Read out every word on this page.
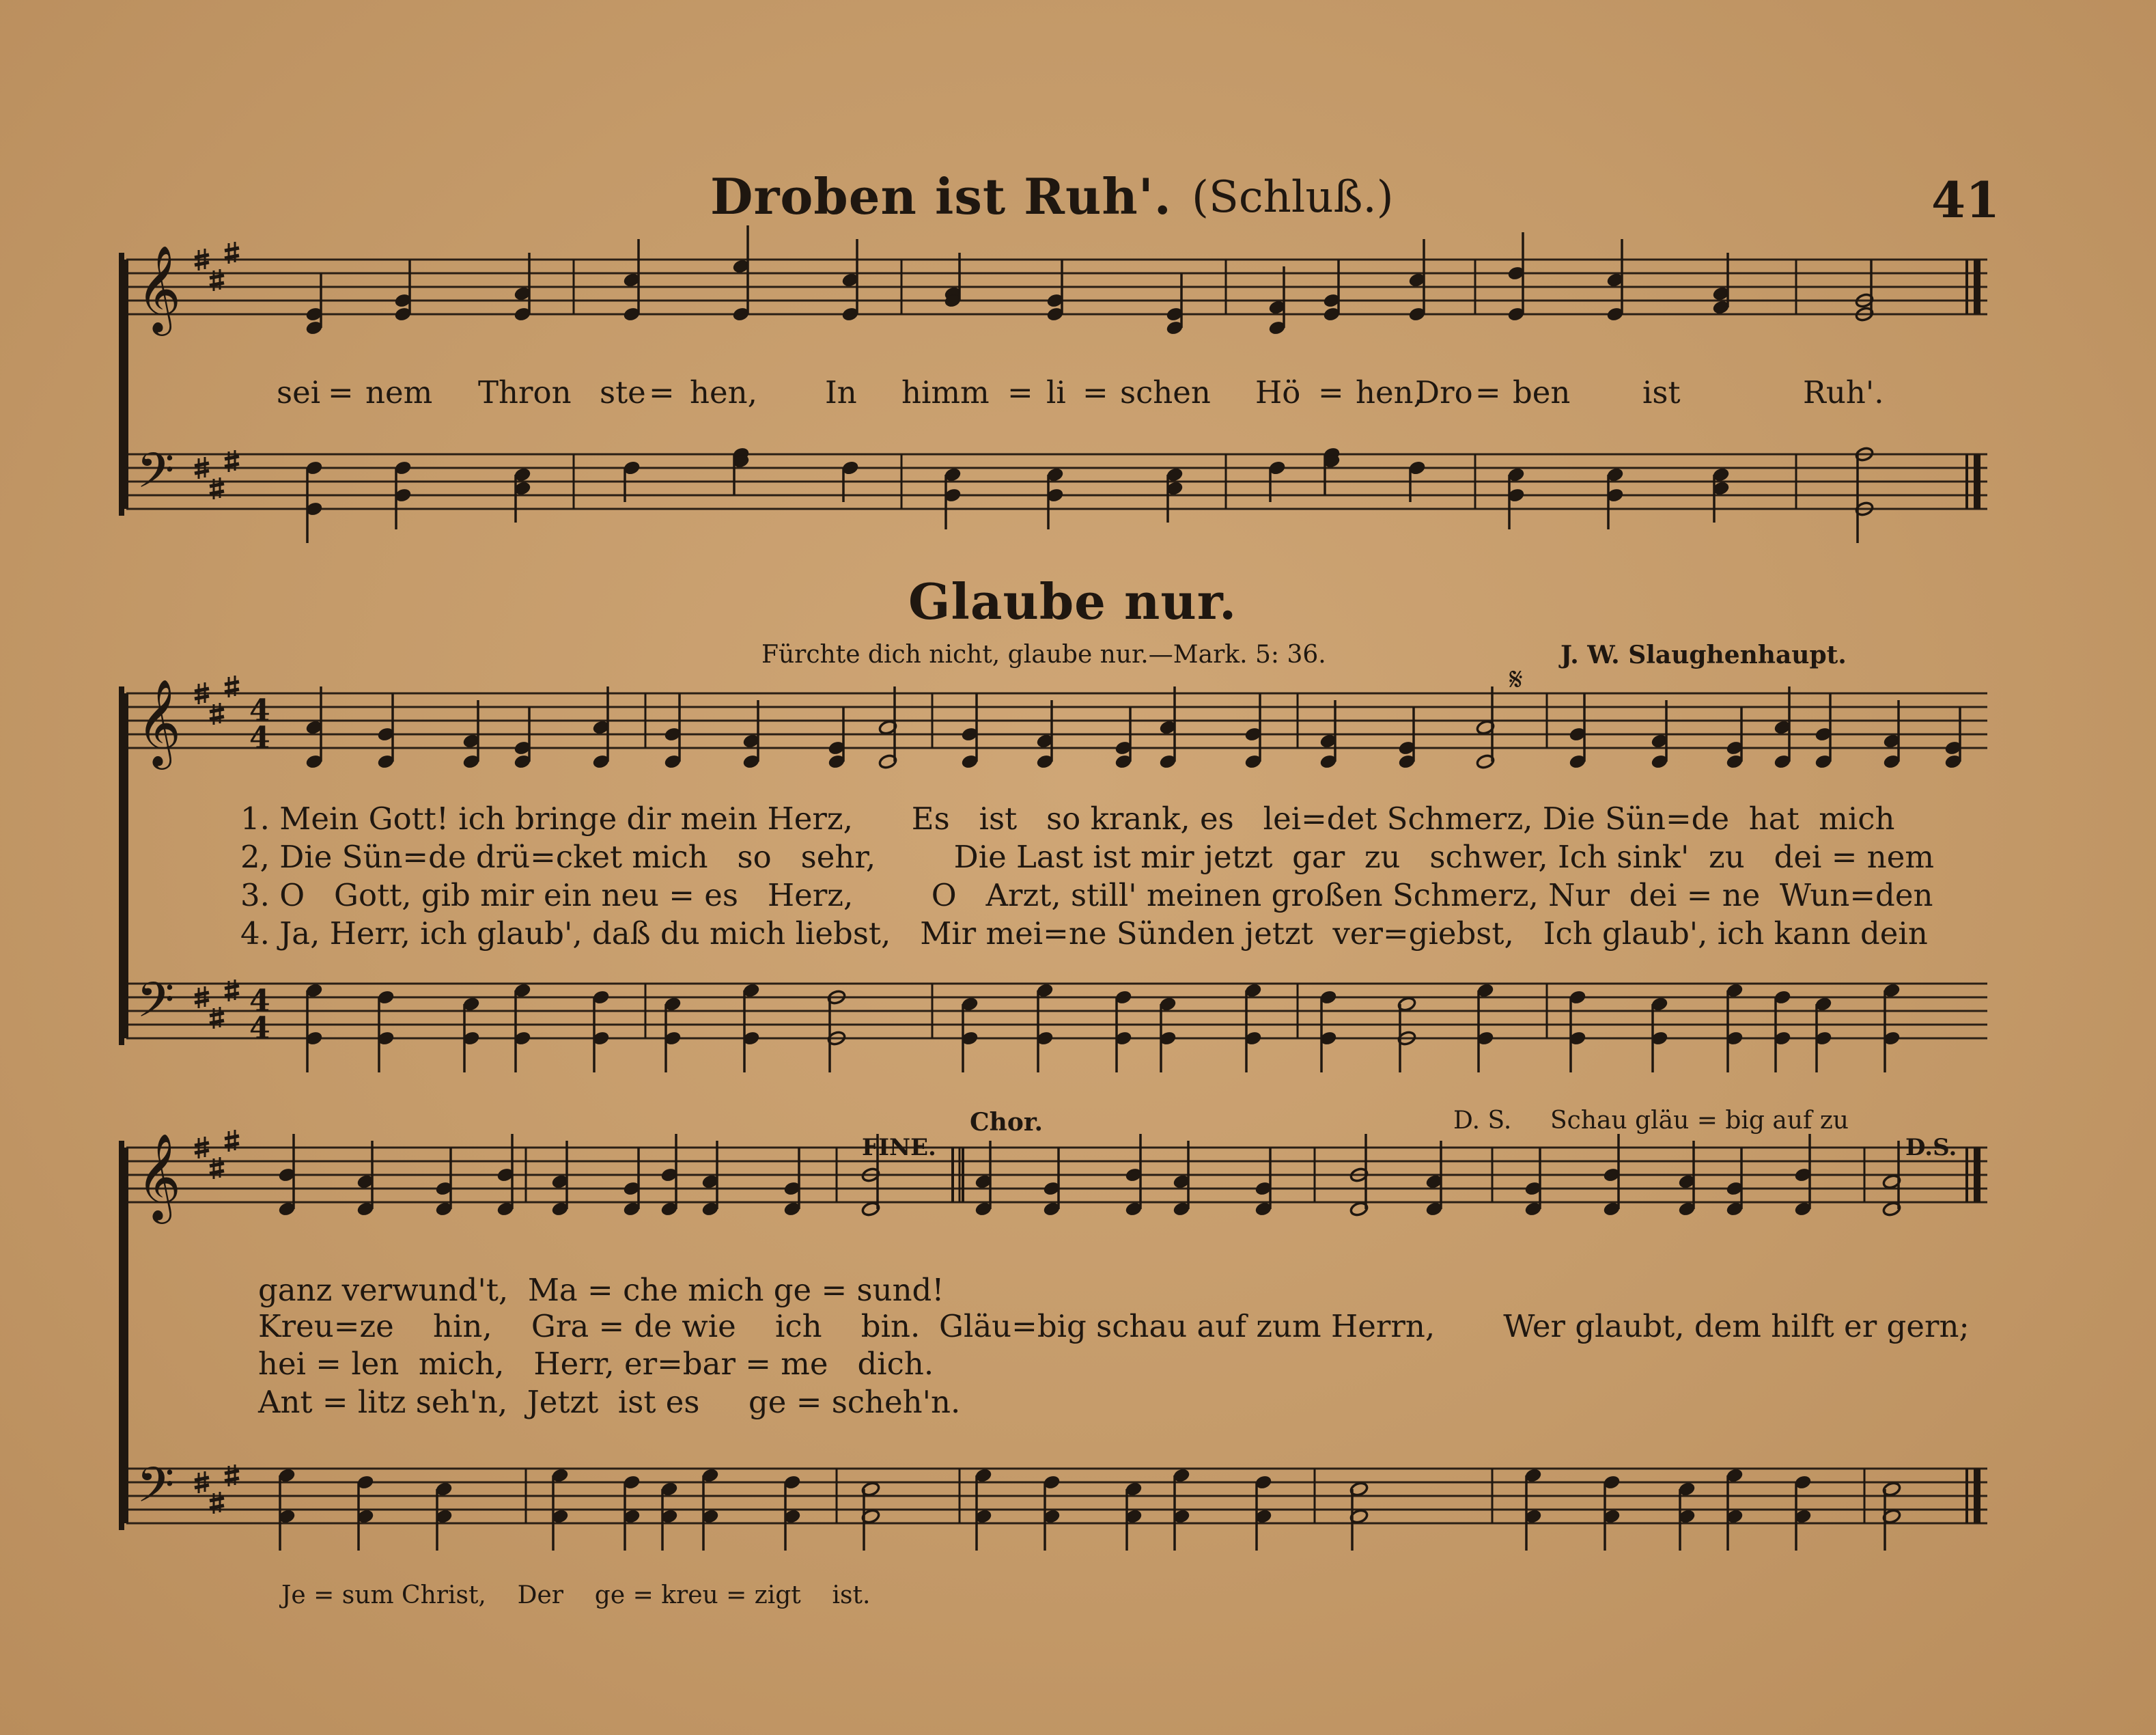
Droben ist Ruh'. (Schluß.)	41
Glaube nur.
Fürchte dich nicht, glaube nur.—Mark. 5: 36.	J. W. Slaughenhaupt.
𝄞
𝄢
𝄞
𝄢
4
4
4
4
𝄋
𝄞
𝄢
sei = nem Thron ste = hen, In himm = li = schen Hö = hen,
Dro = ben ist	Ruh'.
1. Mein Gott! ich bringe dir mein Herz,      Es   ist   so krank, es   lei=det Schmerz, Die Sün=de  hat  mich
2, Die Sün=de drü=cket mich   so   sehr,        Die Last ist mir jetzt  gar  zu   schwer, Ich sink'  zu   dei = nem
3. O   Gott, gib mir ein neu = es   Herz,        O   Arzt, still' meinen großen Schmerz, Nur  dei = ne  Wun=den
4. Ja, Herr, ich glaub', daß du mich liebst,   Mir mei=ne Sünden jetzt  ver=giebst,   Ich glaub', ich kann dein
ganz verwund't,  Ma = che mich ge = sund!
Kreu=ze    hin,    Gra = de wie    ich    bin.
hei = len  mich,   Herr, er=bar = me   dich.
Ant = litz seh'n,  Jetzt  ist es     ge = scheh'n.
Gläu=big schau auf zum Herrn,       Wer glaubt, dem hilft er gern;
Schau gläu = big auf zu
Je = sum Christ,    Der    ge = kreu = zigt    ist.
Chor.
FINE.
D. S.
D.S.
